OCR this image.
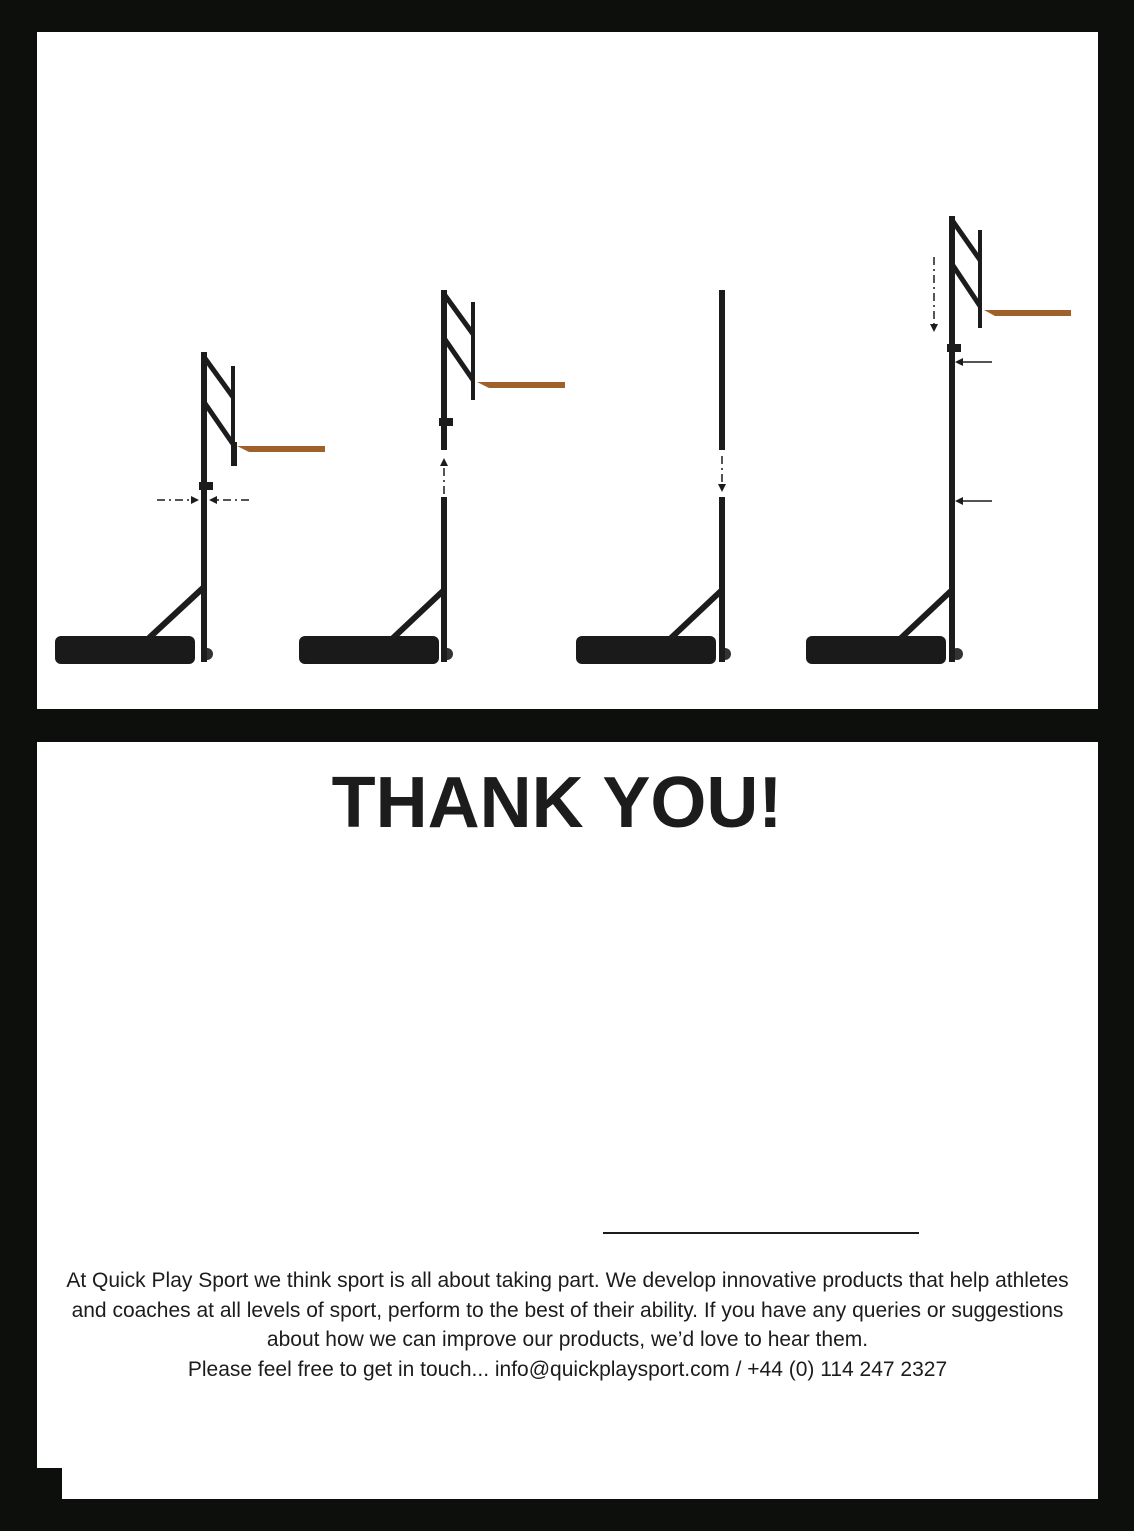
THANK YOU!

At Quick Play Sport we think sport is all about taking part. We develop innovative products that help athletes and coaches at all levels of sport, perform to the best of their ability. If you have any queries or suggestions about how we can improve our products, we’d love to hear them.

Please feel free to get in touch... info@quickplaysport.com / +44 (0) 114 247 2327
